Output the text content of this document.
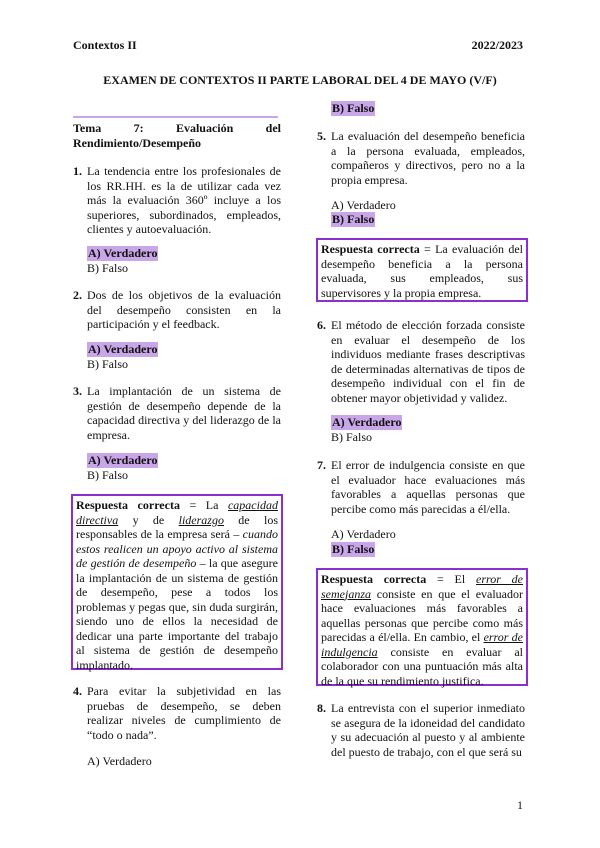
Contextos II	2022/2023
EXAMEN DE CONTEXTOS II PARTE LABORAL DEL 4 DE MAYO (V/F)
Tema 7: Evaluación del Rendimiento/Desempeño
1. La tendencia entre los profesionales de los RR.HH. es la de utilizar cada vez más la evaluación 360º incluye a los superiores, subordinados, empleados, clientes y autoevaluación.
A) Verdadero
B) Falso
2. Dos de los objetivos de la evaluación del desempeño consisten en la participación y el feedback.
A) Verdadero
B) Falso
3. La implantación de un sistema de gestión de desempeño depende de la capacidad directiva y del liderazgo de la empresa.
A) Verdadero
B) Falso
Respuesta correcta = La capacidad directiva y de liderazgo de los responsables de la empresa será – cuando estos realicen un apoyo activo al sistema de gestión de desempeño – la que asegure la implantación de un sistema de gestión de desempeño, pese a todos los problemas y pegas que, sin duda surgirán, siendo uno de ellos la necesidad de dedicar una parte importante del trabajo al sistema de gestión de desempeño implantado.
4. Para evitar la subjetividad en las pruebas de desempeño, se deben realizar niveles de cumplimiento de “todo o nada”.
A) Verdadero
B) Falso
5. La evaluación del desempeño beneficia a la persona evaluada, empleados, compañeros y directivos, pero no a la propia empresa.
A) Verdadero
B) Falso
Respuesta correcta = La evaluación del desempeño beneficia a la persona evaluada, sus empleados, sus supervisores y la propia empresa.
6. El método de elección forzada consiste en evaluar el desempeño de los individuos mediante frases descriptivas de determinadas alternativas de tipos de desempeño individual con el fin de obtener mayor objetividad y validez.
A) Verdadero
B) Falso
7. El error de indulgencia consiste en que el evaluador hace evaluaciones más favorables a aquellas personas que percibe como más parecidas a él/ella.
A) Verdadero
B) Falso
Respuesta correcta = El error de semejanza consiste en que el evaluador hace evaluaciones más favorables a aquellas personas que percibe como más parecidas a él/ella. En cambio, el error de indulgencia consiste en evaluar al colaborador con una puntuación más alta de la que su rendimiento justifica.
8. La entrevista con el superior inmediato se asegura de la idoneidad del candidato y su adecuación al puesto y al ambiente del puesto de trabajo, con el que será su
1
